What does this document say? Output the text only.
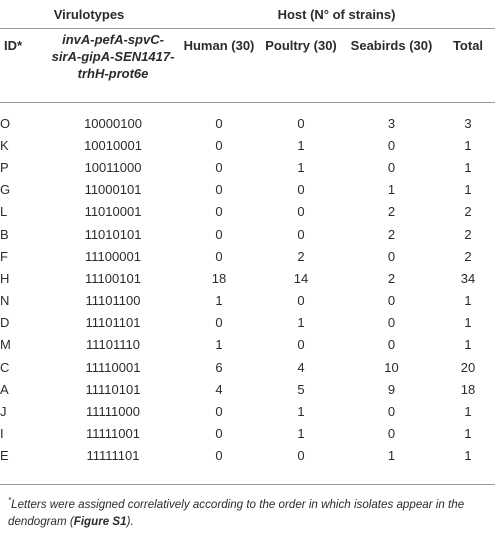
Virulotypes		Host (N° of strains)			
ID*	invA-pefA-spvC-
sirA-gipA-SEN1417-
trhH-prot6e	Human (30)	Poultry (30)	Seabirds (30)	Total

O	10000100	0	0	3	3
K	10010001	0	1	0	1
P	10011000	0	1	0	1
G	11000101	0	0	1	1
L	11010001	0	0	2	2
B	11010101	0	0	2	2
F	11100001	0	2	0	2
H	11100101	18	14	2	34
N	11101100	1	0	0	1
D	11101101	0	1	0	1
M	11101110	1	0	0	1
C	11110001	6	4	10	20
A	11110101	4	5	9	18
J	11111000	0	1	0	1
I	11111001	0	1	0	1
E	11111101	0	0	1	1
*Letters were assigned correlatively according to the order in which isolates appear in the dendogram (Figure S1).
